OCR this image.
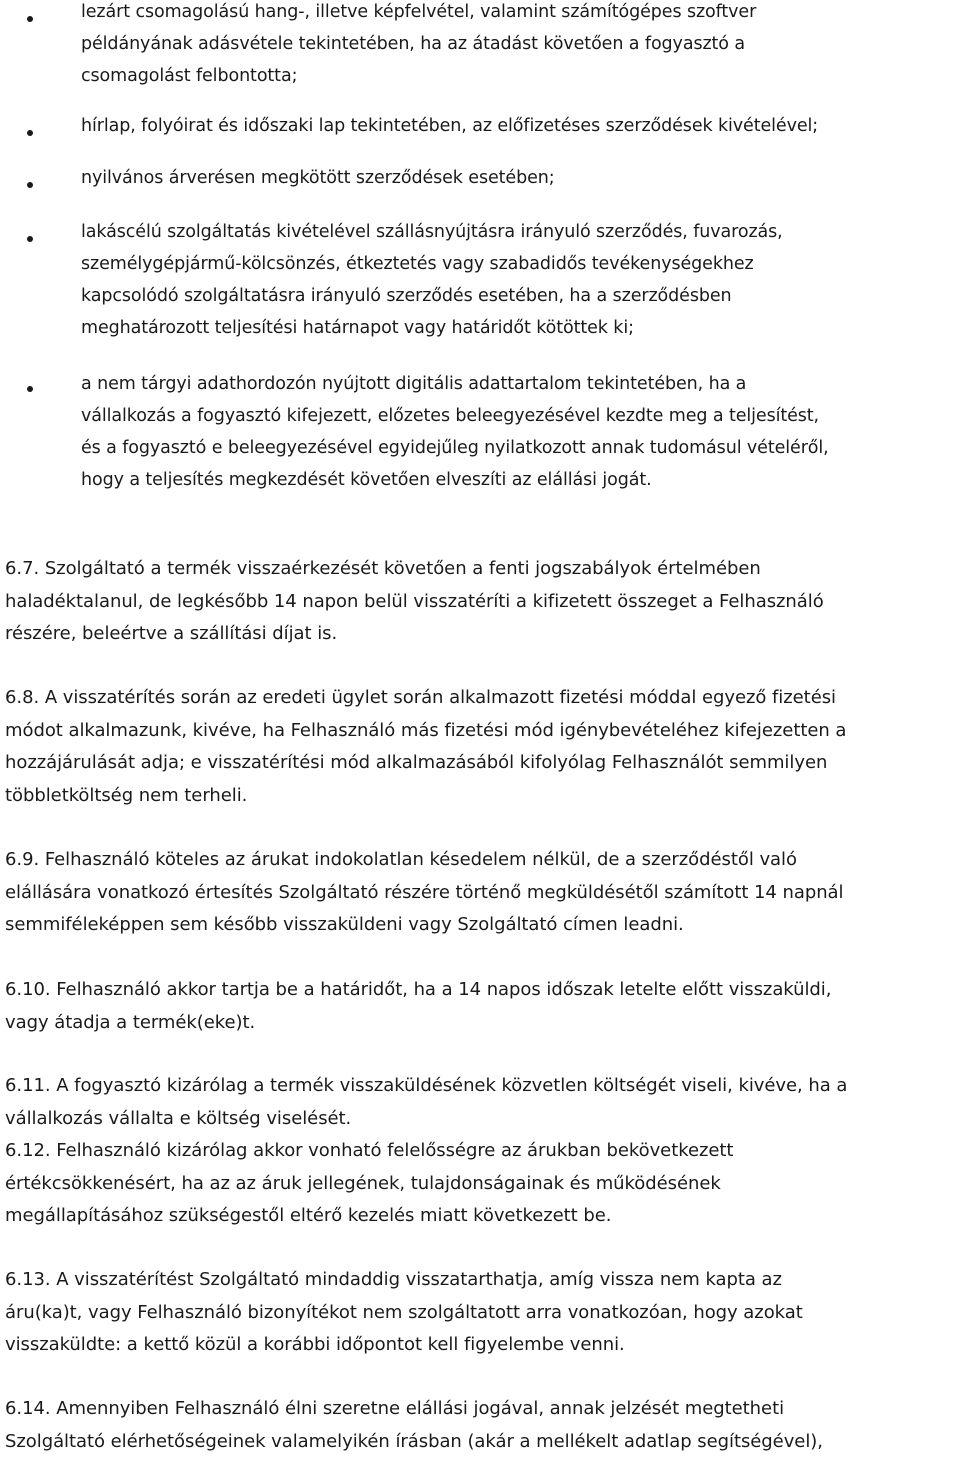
lezárt csomagolású hang-, illetve képfelvétel, valamint számítógépes szoftver
példányának adásvétele tekintetében, ha az átadást követően a fogyasztó a
csomagolást felbontotta;
hírlap, folyóirat és időszaki lap tekintetében, az előfizetéses szerződések kivételével;
nyilvános árverésen megkötött szerződések esetében;
lakáscélú szolgáltatás kivételével szállásnyújtásra irányuló szerződés, fuvarozás,
személygépjármű-kölcsönzés, étkeztetés vagy szabadidős tevékenységekhez
kapcsolódó szolgáltatásra irányuló szerződés esetében, ha a szerződésben
meghatározott teljesítési határnapot vagy határidőt kötöttek ki;
a nem tárgyi adathordozón nyújtott digitális adattartalom tekintetében, ha a
vállalkozás a fogyasztó kifejezett, előzetes beleegyezésével kezdte meg a teljesítést,
és a fogyasztó e beleegyezésével egyidejűleg nyilatkozott annak tudomásul vételéről,
hogy a teljesítés megkezdését követően elveszíti az elállási jogát.

6.7. Szolgáltató a termék visszaérkezését követően a fenti jogszabályok értelmében
haladéktalanul, de legkésőbb 14 napon belül visszatéríti a kifizetett összeget a Felhasználó
részére, beleértve a szállítási díjat is.

6.8. A visszatérítés során az eredeti ügylet során alkalmazott fizetési móddal egyező fizetési
módot alkalmazunk, kivéve, ha Felhasználó más fizetési mód igénybevételéhez kifejezetten a
hozzájárulását adja; e visszatérítési mód alkalmazásából kifolyólag Felhasználót semmilyen
többletköltség nem terheli.

6.9. Felhasználó köteles az árukat indokolatlan késedelem nélkül, de a szerződéstől való
elállására vonatkozó értesítés Szolgáltató részére történő megküldésétől számított 14 napnál
semmiféleképpen sem később visszaküldeni vagy Szolgáltató címen leadni.

6.10. Felhasználó akkor tartja be a határidőt, ha a 14 napos időszak letelte előtt visszaküldi,
vagy átadja a termék(eke)t.

6.11. A fogyasztó kizárólag a termék visszaküldésének közvetlen költségét viseli, kivéve, ha a
vállalkozás vállalta e költség viselését.

6.12. Felhasználó kizárólag akkor vonható felelősségre az árukban bekövetkezett
értékcsökkenésért, ha az az áruk jellegének, tulajdonságainak és működésének
megállapításához szükségestől eltérő kezelés miatt következett be.

6.13. A visszatérítést Szolgáltató mindaddig visszatarthatja, amíg vissza nem kapta az
áru(ka)t, vagy Felhasználó bizonyítékot nem szolgáltatott arra vonatkozóan, hogy azokat
visszaküldte: a kettő közül a korábbi időpontot kell figyelembe venni.

6.14. Amennyiben Felhasználó élni szeretne elállási jogával, annak jelzését megtetheti
Szolgáltató elérhetőségeinek valamelyikén írásban (akár a mellékelt adatlap segítségével),
